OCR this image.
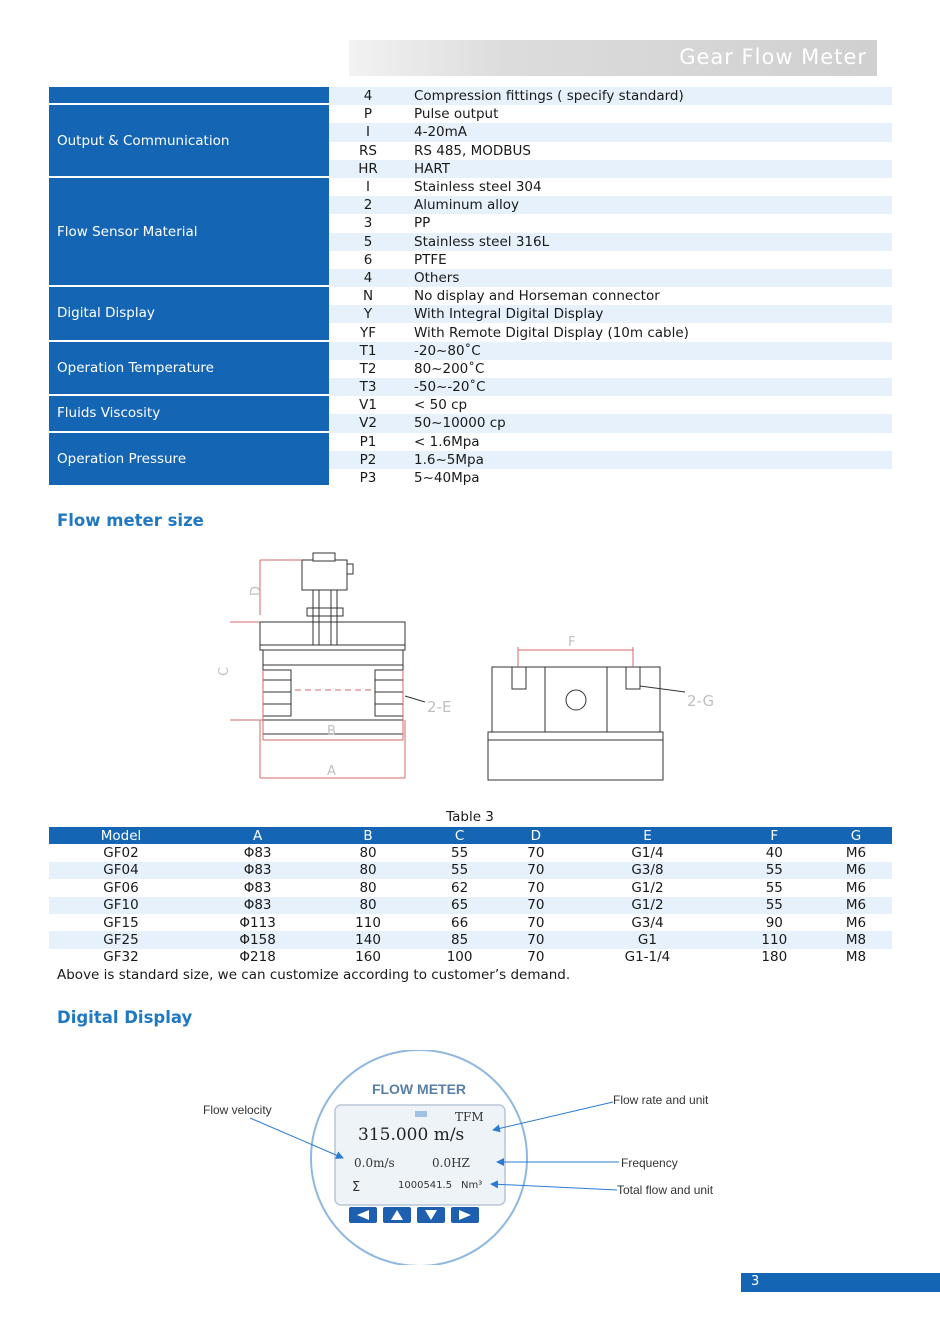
Gear Flow Meter
4	Compression fittings ( specify standard)
Output & Communication
P	Pulse output
I	4-20mA
RS	RS 485, MODBUS
HR	HART
Flow Sensor Material
I	Stainless steel 304
2	Aluminum alloy
3	PP
5	Stainless steel 316L
6	PTFE
4	Others
Digital Display
N	No display and Horseman connector
Y	With Integral Digital Display
YF	With Remote Digital Display (10m cable)
Operation Temperature
T1	-20~80˚C
T2	80~200˚C
T3	-50~-20˚C
Fluids Viscosity
V1	< 50 cp
V2	50~10000 cp
Operation Pressure
P1	< 1.6Mpa
P2	1.6~5Mpa
P3	5~40Mpa
Flow meter size
D
C
B
A
2-E
F
2-G
Table 3
Model	A	B	C	D	E	F	G
GF02	Φ83	80	55	70	G1/4	40	M6
GF04	Φ83	80	55	70	G3/8	55	M6
GF06	Φ83	80	62	70	G1/2	55	M6
GF10	Φ83	80	65	70	G1/2	55	M6
GF15	Φ113	110	66	70	G3/4	90	M6
GF25	Φ158	140	85	70	G1	110	M8
GF32	Φ218	160	100	70	G1-1/4	180	M8
Above is standard size, we can customize according to customer’s demand.
Digital Display
FLOW METER
TFM
315.000 m/s
0.0m/s	0.0HZ
Σ	1000541.5 Nm³
Flow velocity
Flow rate and unit
Frequency
Total flow and unit
3
